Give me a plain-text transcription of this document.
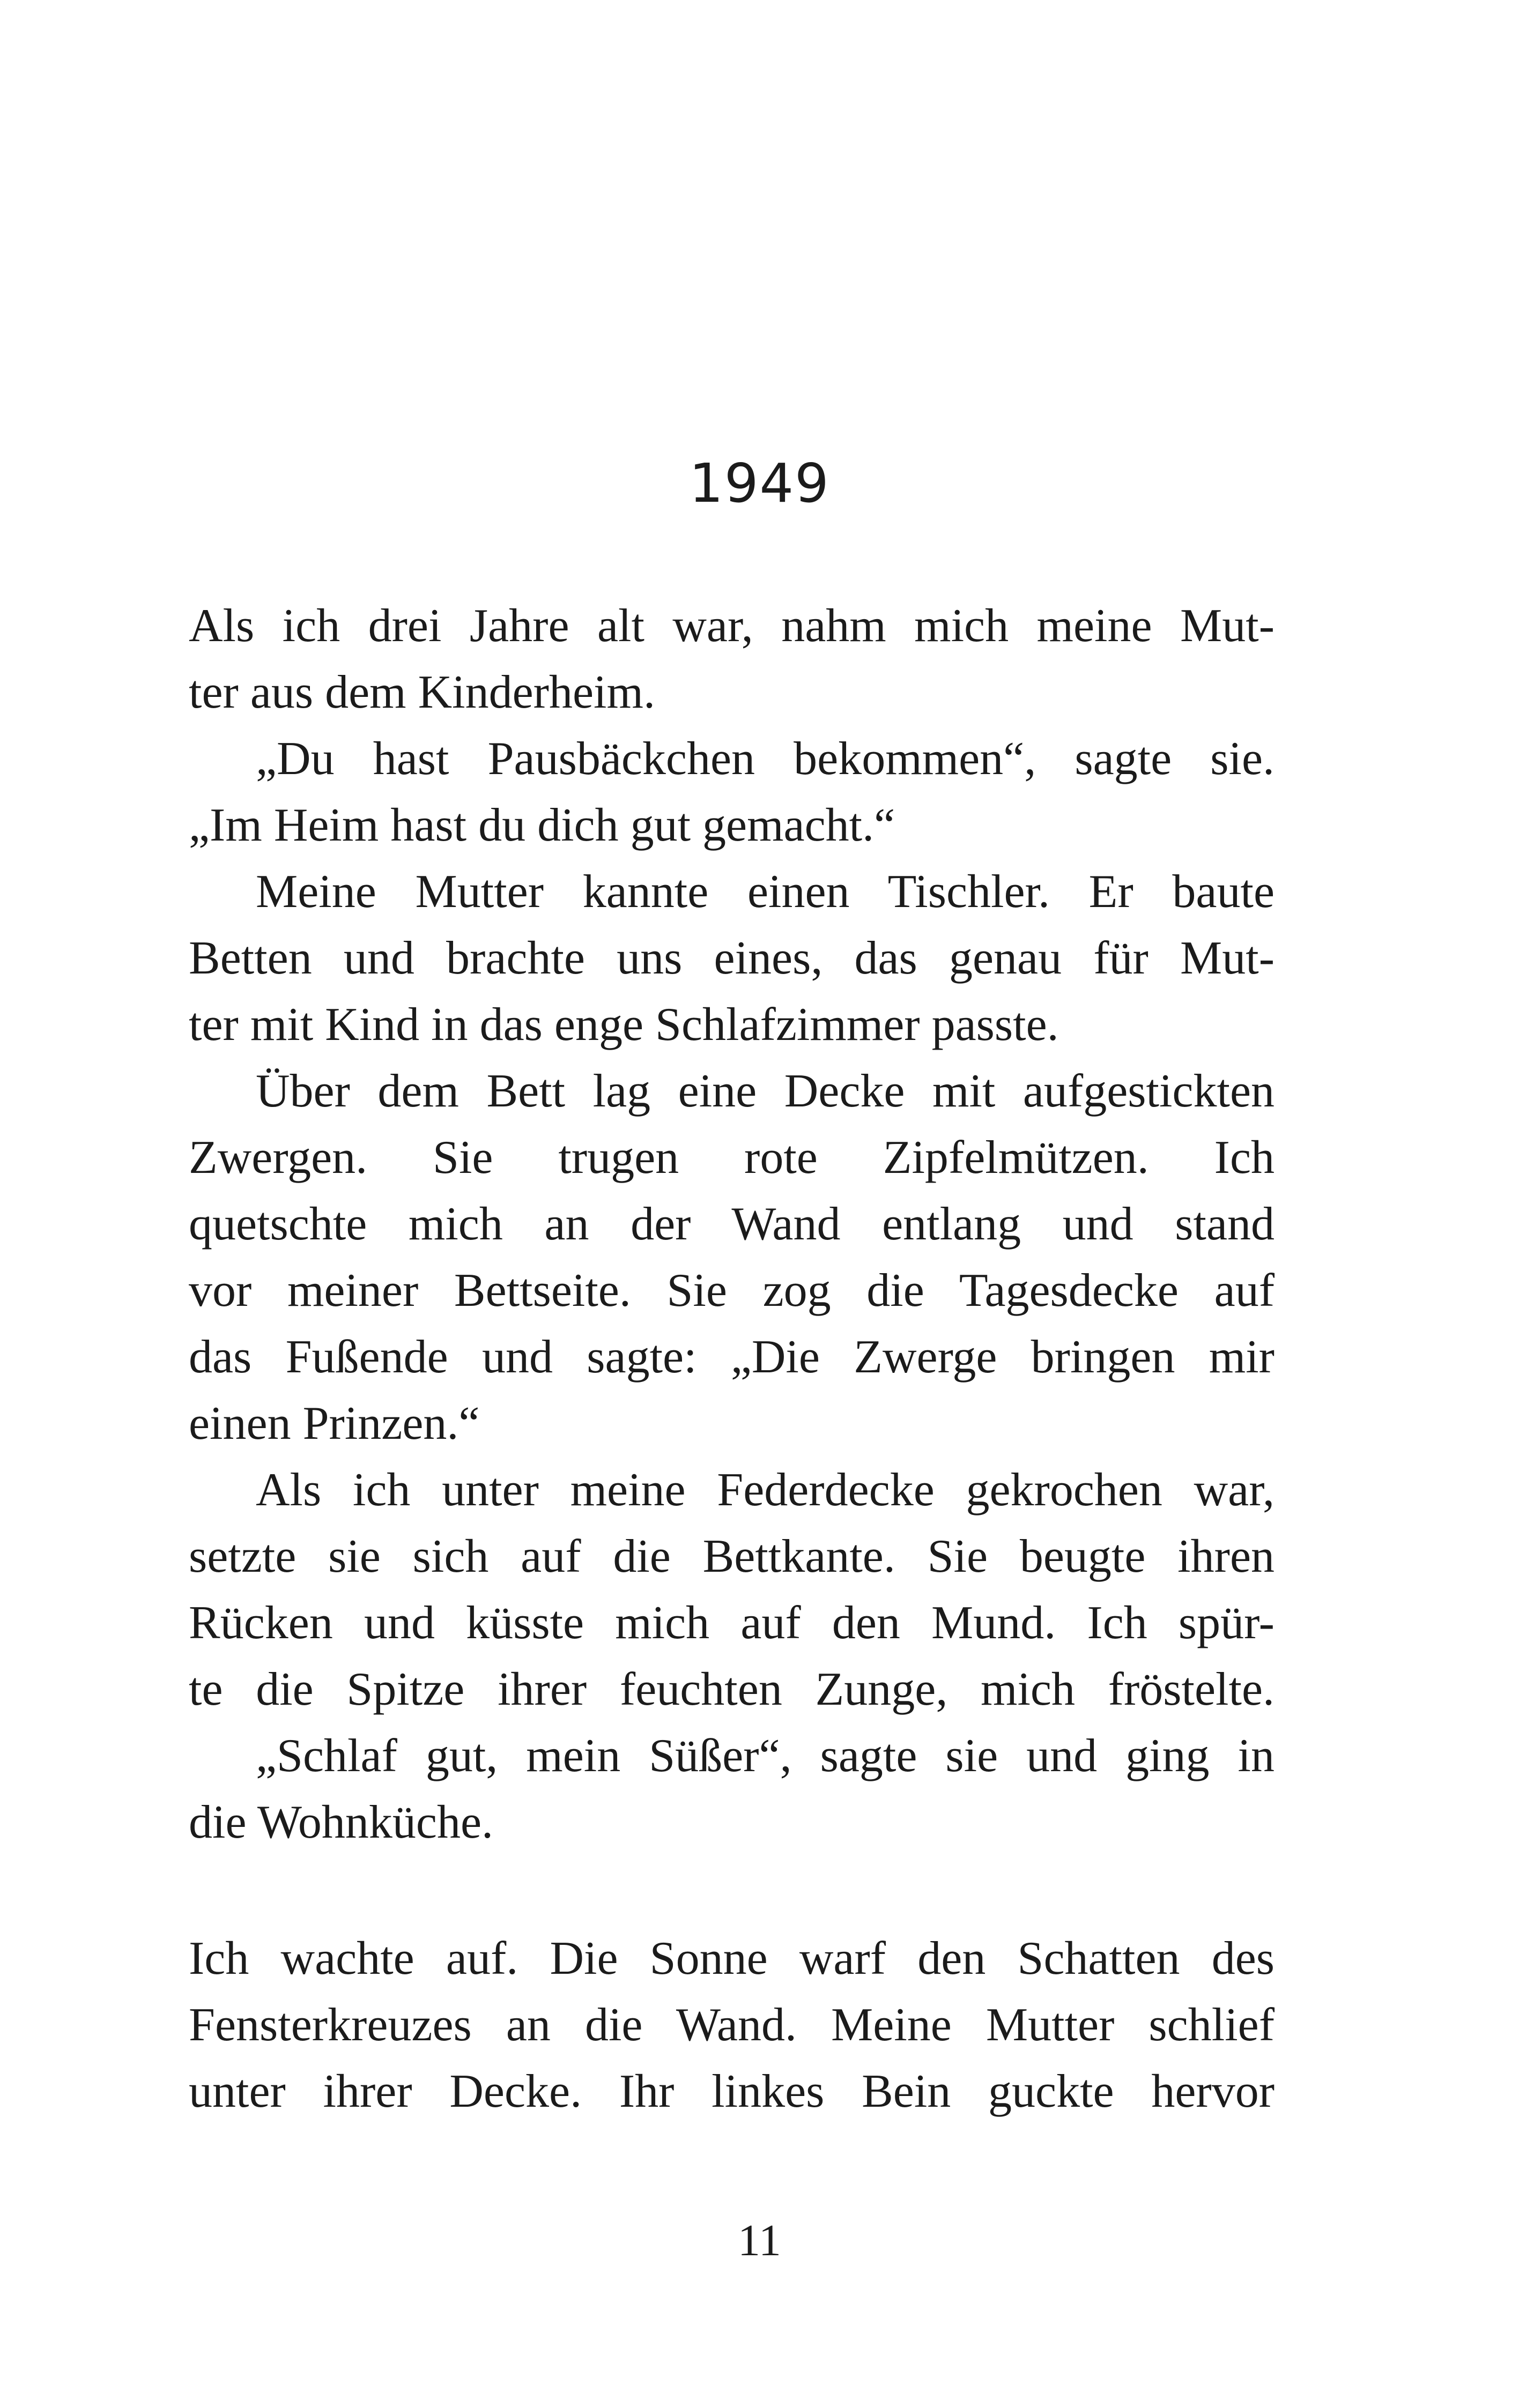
1949
Als ich drei Jahre alt war, nahm mich meine Mut-
ter aus dem Kinderheim.
„Du hast Pausbäckchen bekommen“, sagte sie.
„Im Heim hast du dich gut gemacht.“
Meine Mutter kannte einen Tischler. Er baute
Betten und brachte uns eines, das genau für Mut-
ter mit Kind in das enge Schlafzimmer passte.
Über dem Bett lag eine Decke mit aufgestickten
Zwergen. Sie trugen rote Zipfelmützen. Ich
quetschte mich an der Wand entlang und stand
vor meiner Bettseite. Sie zog die Tagesdecke auf
das Fußende und sagte: „Die Zwerge bringen mir
einen Prinzen.“
Als ich unter meine Federdecke gekrochen war,
setzte sie sich auf die Bettkante. Sie beugte ihren
Rücken und küsste mich auf den Mund. Ich spür-
te die Spitze ihrer feuchten Zunge, mich fröstelte.
„Schlaf gut, mein Süßer“, sagte sie und ging in
die Wohnküche.
Ich wachte auf. Die Sonne warf den Schatten des
Fensterkreuzes an die Wand. Meine Mutter schlief
unter ihrer Decke. Ihr linkes Bein guckte hervor
11
